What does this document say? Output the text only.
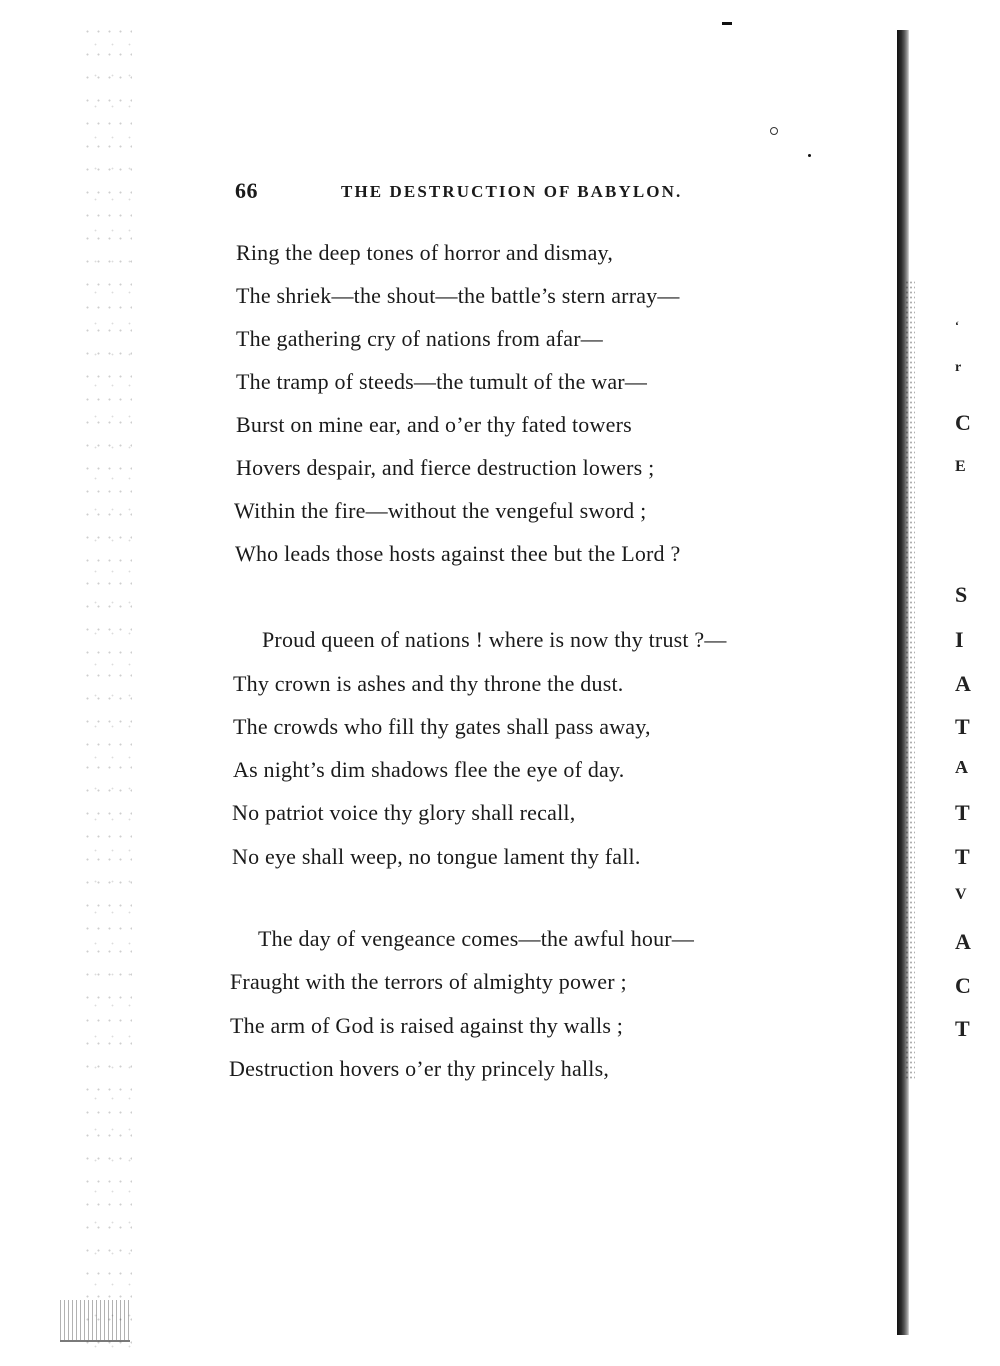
66	THE DESTRUCTION OF BABYLON.
Ring the deep tones of horror and dismay,
The shriek—the shout—the battle’s stern array—
The gathering cry of nations from afar—
The tramp of steeds—the tumult of the war—
Burst on mine ear, and o’er thy fated towers
Hovers despair, and fierce destruction lowers ;
Within the fire—without the vengeful sword ;
Who leads those hosts against thee but the Lord ?
Proud queen of nations ! where is now thy trust ?—
Thy crown is ashes and thy throne the dust.
The crowds who fill thy gates shall pass away,
As night’s dim shadows flee the eye of day.
No patriot voice thy glory shall recall,
No eye shall weep, no tongue lament thy fall.
The day of vengeance comes—the awful hour—
Fraught with the terrors of almighty power ;
The arm of God is raised against thy walls ;
Destruction hovers o’er thy princely halls,
ʻ
r
C
E
S
I
A
T
A
T
T
V
A
C
T
